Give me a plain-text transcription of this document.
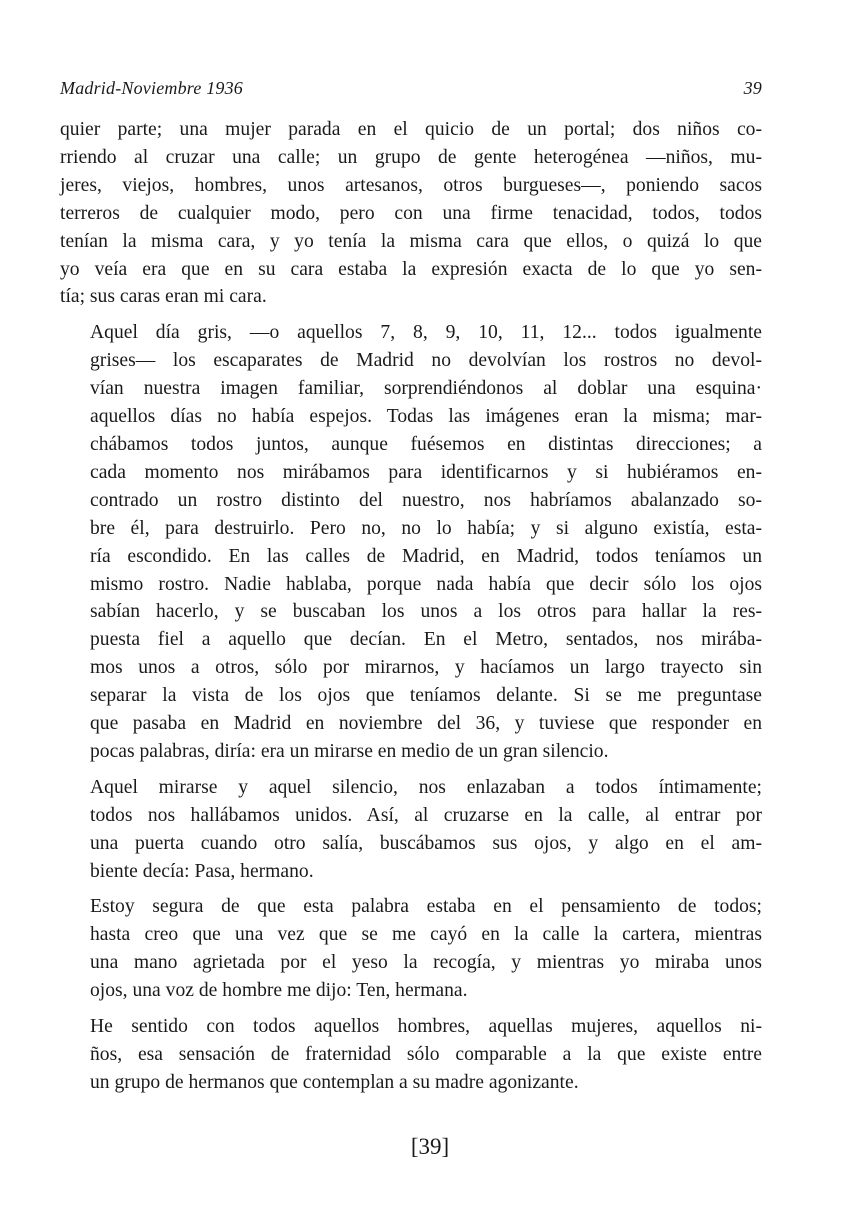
Madrid-Noviembre 1936	39

quier parte; una mujer parada en el quicio de un portal; dos niños co-
rriendo al cruzar una calle; un grupo de gente heterogénea —niños, mu-
jeres, viejos, hombres, unos artesanos, otros burgueses—, poniendo sacos
terreros de cualquier modo, pero con una firme tenacidad, todos, todos
tenían la misma cara, y yo tenía la misma cara que ellos, o quizá lo que
yo veía era que en su cara estaba la expresión exacta de lo que yo sen-
tía; sus caras eran mi cara.

Aquel día gris, —o aquellos 7, 8, 9, 10, 11, 12... todos igualmente
grises— los escaparates de Madrid no devolvían los rostros no devol-
vían nuestra imagen familiar, sorprendiéndonos al doblar una esquina·
aquellos días no había espejos. Todas las imágenes eran la misma; mar-
chábamos todos juntos, aunque fuésemos en distintas direcciones; a
cada momento nos mirábamos para identificarnos y si hubiéramos en-
contrado un rostro distinto del nuestro, nos habríamos abalanzado so-
bre él, para destruirlo. Pero no, no lo había; y si alguno existía, esta-
ría escondido. En las calles de Madrid, en Madrid, todos teníamos un
mismo rostro. Nadie hablaba, porque nada había que decir sólo los ojos
sabían hacerlo, y se buscaban los unos a los otros para hallar la res-
puesta fiel a aquello que decían. En el Metro, sentados, nos mirába-
mos unos a otros, sólo por mirarnos, y hacíamos un largo trayecto sin
separar la vista de los ojos que teníamos delante. Si se me preguntase
que pasaba en Madrid en noviembre del 36, y tuviese que responder en
pocas palabras, diría: era un mirarse en medio de un gran silencio.

Aquel mirarse y aquel silencio, nos enlazaban a todos íntimamente;
todos nos hallábamos unidos. Así, al cruzarse en la calle, al entrar por
una puerta cuando otro salía, buscábamos sus ojos, y algo en el am-
biente decía: Pasa, hermano.

Estoy segura de que esta palabra estaba en el pensamiento de todos;
hasta creo que una vez que se me cayó en la calle la cartera, mientras
una mano agrietada por el yeso la recogía, y mientras yo miraba unos
ojos, una voz de hombre me dijo: Ten, hermana.

He sentido con todos aquellos hombres, aquellas mujeres, aquellos ni-
ños, esa sensación de fraternidad sólo comparable a la que existe entre
un grupo de hermanos que contemplan a su madre agonizante.

[39]
